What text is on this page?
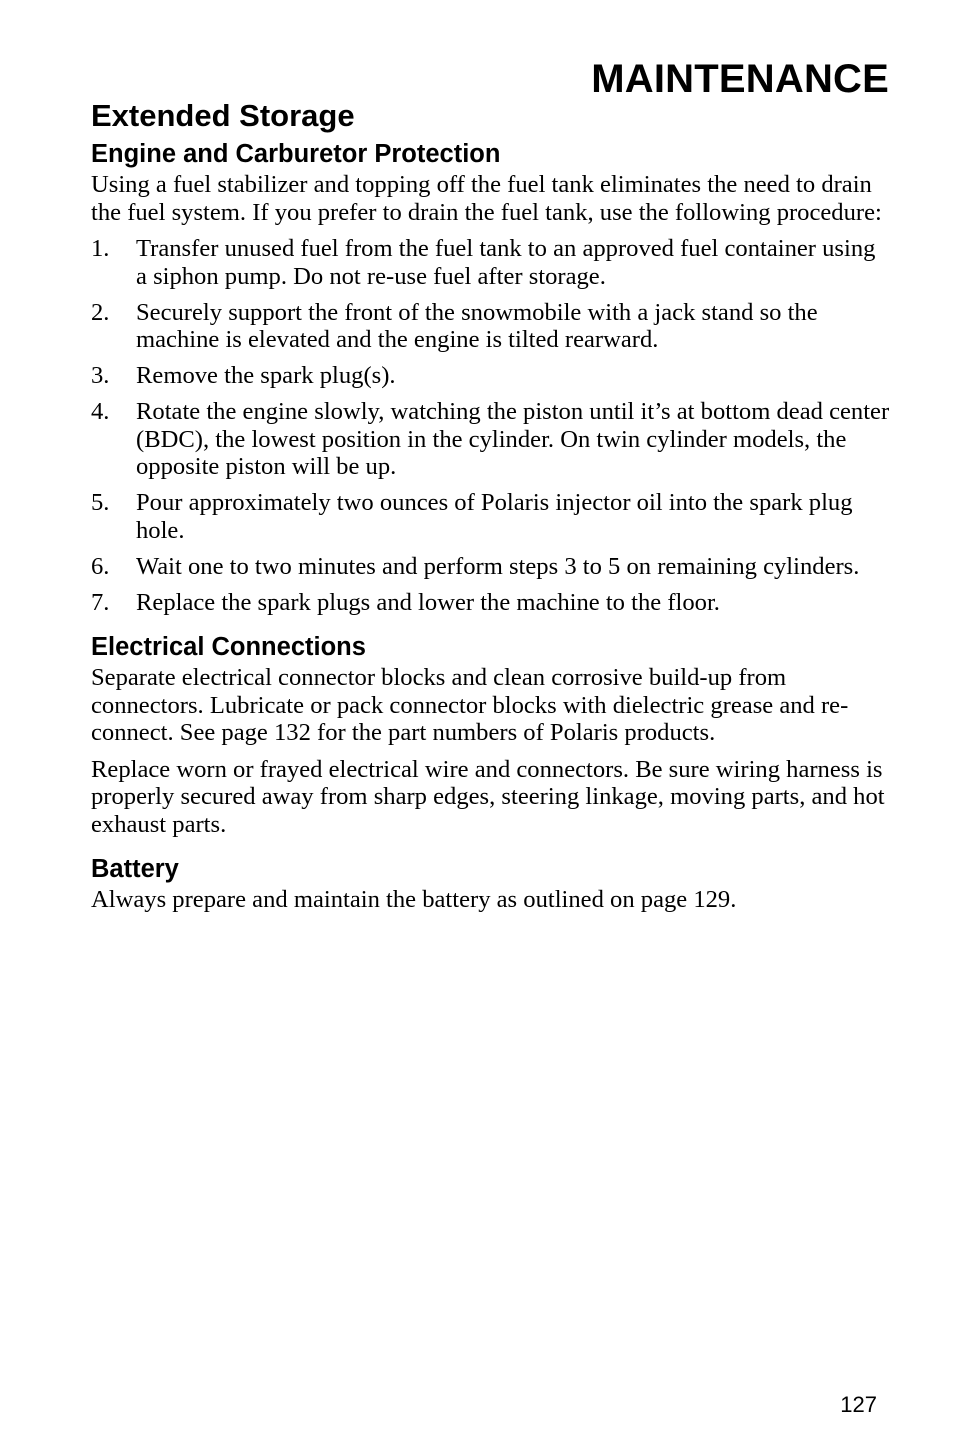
MAINTENANCE
Extended Storage
Engine and Carburetor Protection

Using a fuel stabilizer and topping off the fuel tank eliminates the need to drain the fuel system. If you prefer to drain the fuel tank, use the following procedure:

1.	Transfer unused fuel from the fuel tank to an approved fuel container using a siphon pump. Do not re-use fuel after storage.
2.	Securely support the front of the snowmobile with a jack stand so the machine is elevated and the engine is tilted rearward.
3.	Remove the spark plug(s).
4.	Rotate the engine slowly, watching the piston until it’s at bottom dead center (BDC), the lowest position in the cylinder. On twin cylinder models, the opposite piston will be up.
5.	Pour approximately two ounces of Polaris injector oil into the spark plug hole.
6.	Wait one to two minutes and perform steps 3 to 5 on remaining cylinders.
7.	Replace the spark plugs and lower the machine to the floor.
Electrical Connections

Separate electrical connector blocks and clean corrosive build-up from connectors. Lubricate or pack connector blocks with dielectric grease and re-connect. See page 132 for the part numbers of Polaris products.

Replace worn or frayed electrical wire and connectors. Be sure wiring harness is properly secured away from sharp edges, steering linkage, moving parts, and hot exhaust parts.

Battery

Always prepare and maintain the battery as outlined on page 129.

127
